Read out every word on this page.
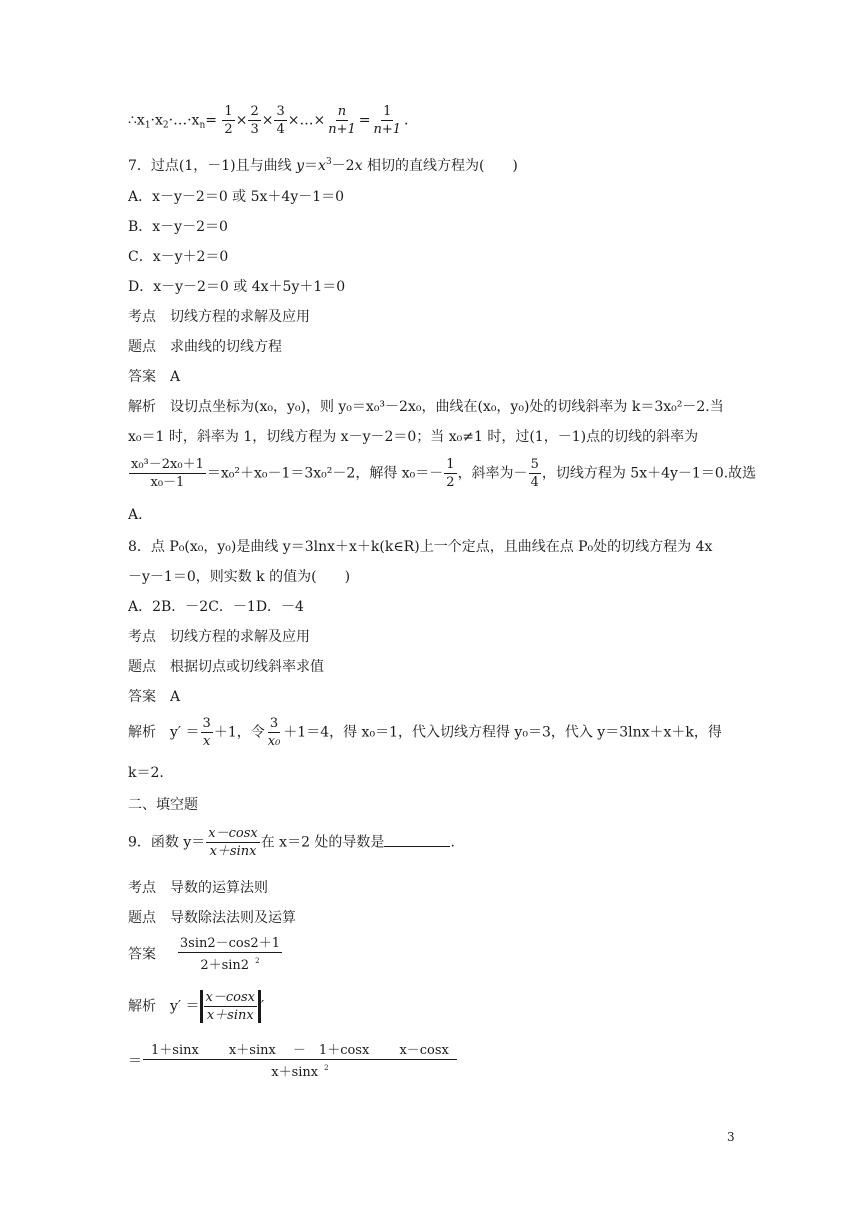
$\therefore x_1\cdot x_2\cdot\dots\cdot x_n= \frac{1}{2} \times \frac{2}{3} \times \frac{3}{4}$ ×…× $\frac{n}{n+1} = \frac{1}{n+1}$ .
7．过点(1，－1)且与曲线 $y=x^3-2x$ 相切的直线方程为(　　)
A．x－y－2＝0 或 5x＋4y－1＝0
B．x－y－2＝0
C．x－y＋2＝0
D．x－y－2＝0 或 4x＋5y＋1＝0
考点　切线方程的求解及应用
题点　求曲线的切线方程
答案　A
解析　设切点坐标为(x₀，y₀)，则 y₀＝x₀³－2x₀，曲线在(x₀，y₀)处的切线斜率为 k＝3x₀²－2.当
x₀＝1 时，斜率为 1，切线方程为 x－y－2＝0；当 x₀≠1 时，过(1，－1)点的切线的斜率为
$\frac{\text{x₀³－2x₀＋1}}{\text{x₀－1}} =x_0^2+x_0-1=3x_0^2-2$，解得 $x_0=- \frac{1}{2}$ ，斜率为－ $\frac{5}{4}$ ，切线方程为 5x＋4y－1＝0.故选
A.
8．点 P₀(x₀，y₀)是曲线 y＝3lnx＋x＋k(k∈R)上一个定点，且曲线在点 P₀处的切线方程为 4x
－y－1＝0，则实数 k 的值为(　　)
A．2B．－2C．－1D．－4
考点　切线方程的求解及应用
题点　根据切点或切线斜率求值
答案　A
解析　$y' = \frac{3}{x} +1$，令 $\frac{3}{\text{x₀}} +1=4$，得 x₀＝1，代入切线方程得 y₀＝3，代入 y＝3lnx＋x＋k，得
k＝2.
二、填空题
9．函数 $y= \frac{x-\cos x}{x+\sin x}$ 在 x＝2 处的导数是	.
考点　导数的运算法则
题点　导数除法法则及运算
答案 $\frac{3\sin 2-\cos 2+1}{2+\sin 2 ^2}$
解析　$y' = \frac{x-\cos x}{x+\sin x}$ ′
＝ $\frac{\text{1＋sinx　　 x＋sinx　 －　1＋cosx　　 x－cosx}}{x+\sin x ^2}$
3
